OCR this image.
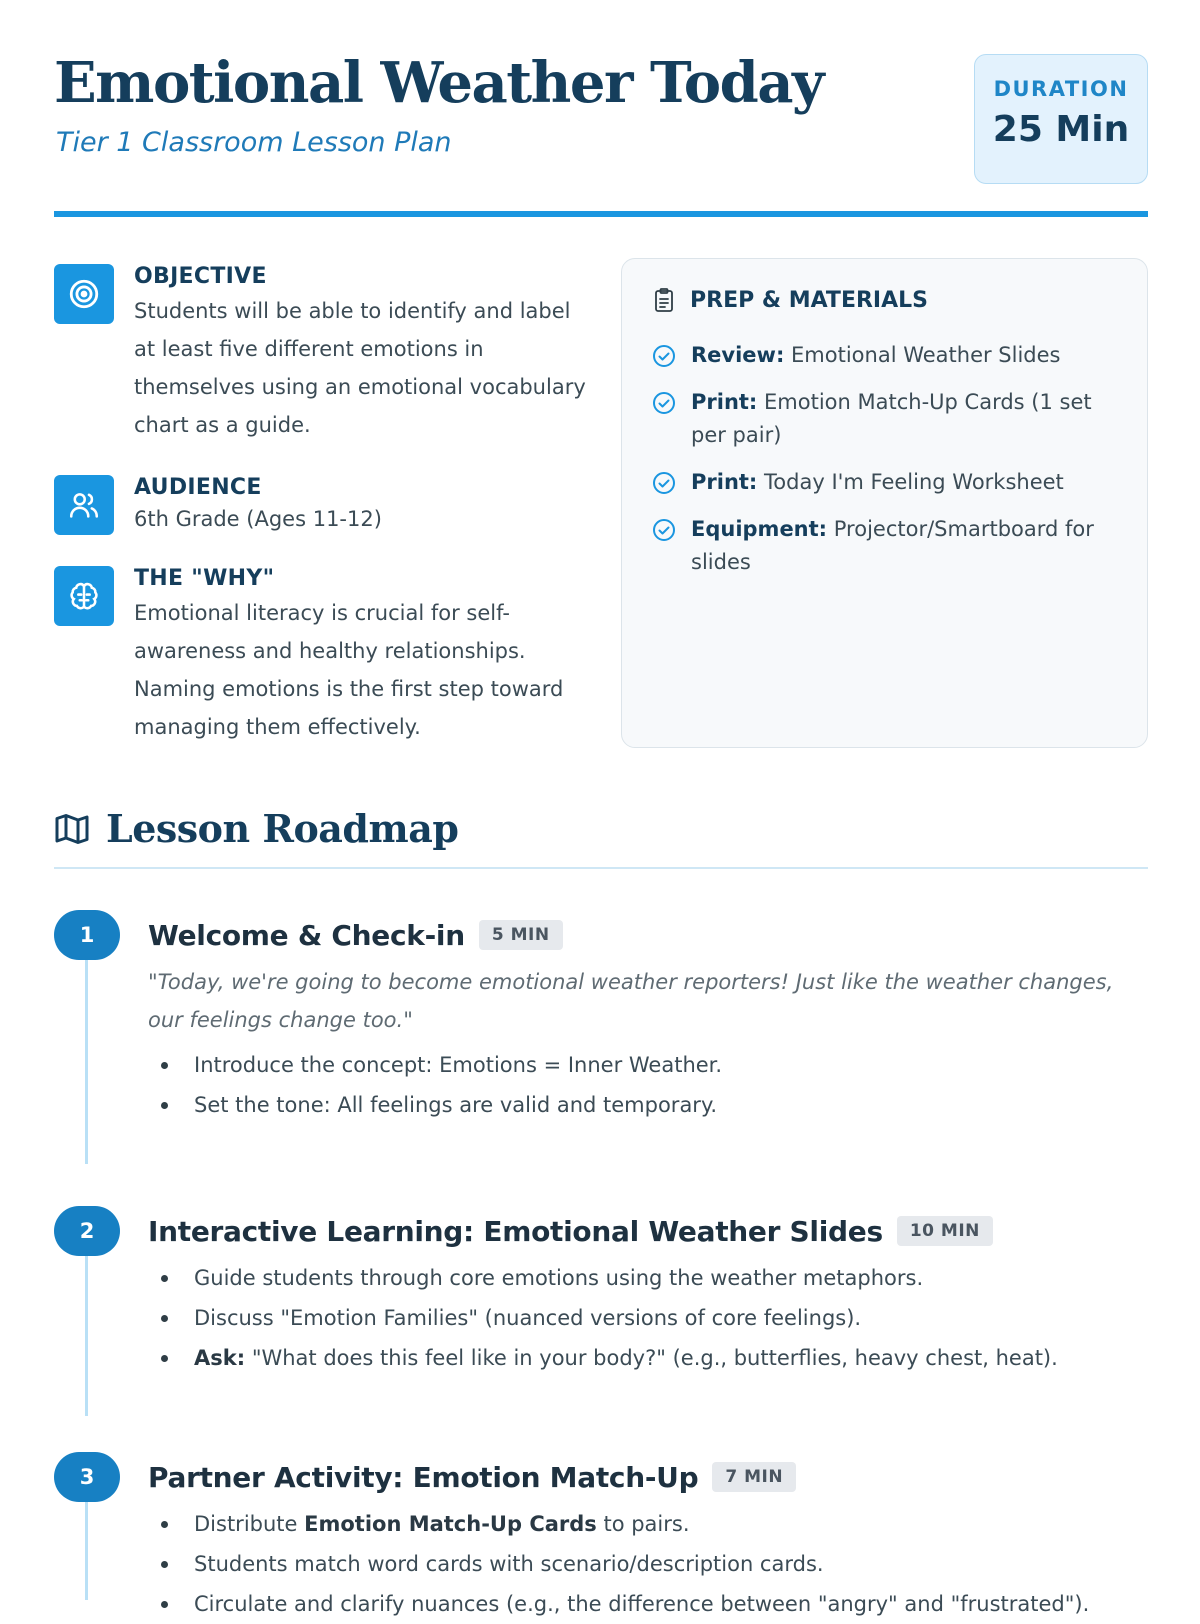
Emotional Weather Today
Tier 1 Classroom Lesson Plan
DURATION
25 Min
OBJECTIVE
Students will be able to identify and label at least five different emotions in themselves using an emotional vocabulary chart as a guide.
AUDIENCE
6th Grade (Ages 11-12)
THE "WHY"
Emotional literacy is crucial for self-awareness and healthy relationships. Naming emotions is the first step toward managing them effectively.
PREP & MATERIALS
Review: Emotional Weather Slides
Print: Emotion Match-Up Cards (1 set per pair)
Print: Today I'm Feeling Worksheet
Equipment: Projector/Smartboard for slides
Lesson Roadmap
1	Welcome & Check-in	5 MIN
"Today, we're going to become emotional weather reporters! Just like the weather changes, our feelings change too."
Introduce the concept: Emotions = Inner Weather.
Set the tone: All feelings are valid and temporary.
2	Interactive Learning: Emotional Weather Slides	10 MIN
Guide students through core emotions using the weather metaphors.
Discuss "Emotion Families" (nuanced versions of core feelings).
Ask: "What does this feel like in your body?" (e.g., butterflies, heavy chest, heat).
3	Partner Activity: Emotion Match-Up	7 MIN
Distribute Emotion Match-Up Cards to pairs.
Students match word cards with scenario/description cards.
Circulate and clarify nuances (e.g., the difference between "angry" and "frustrated").
